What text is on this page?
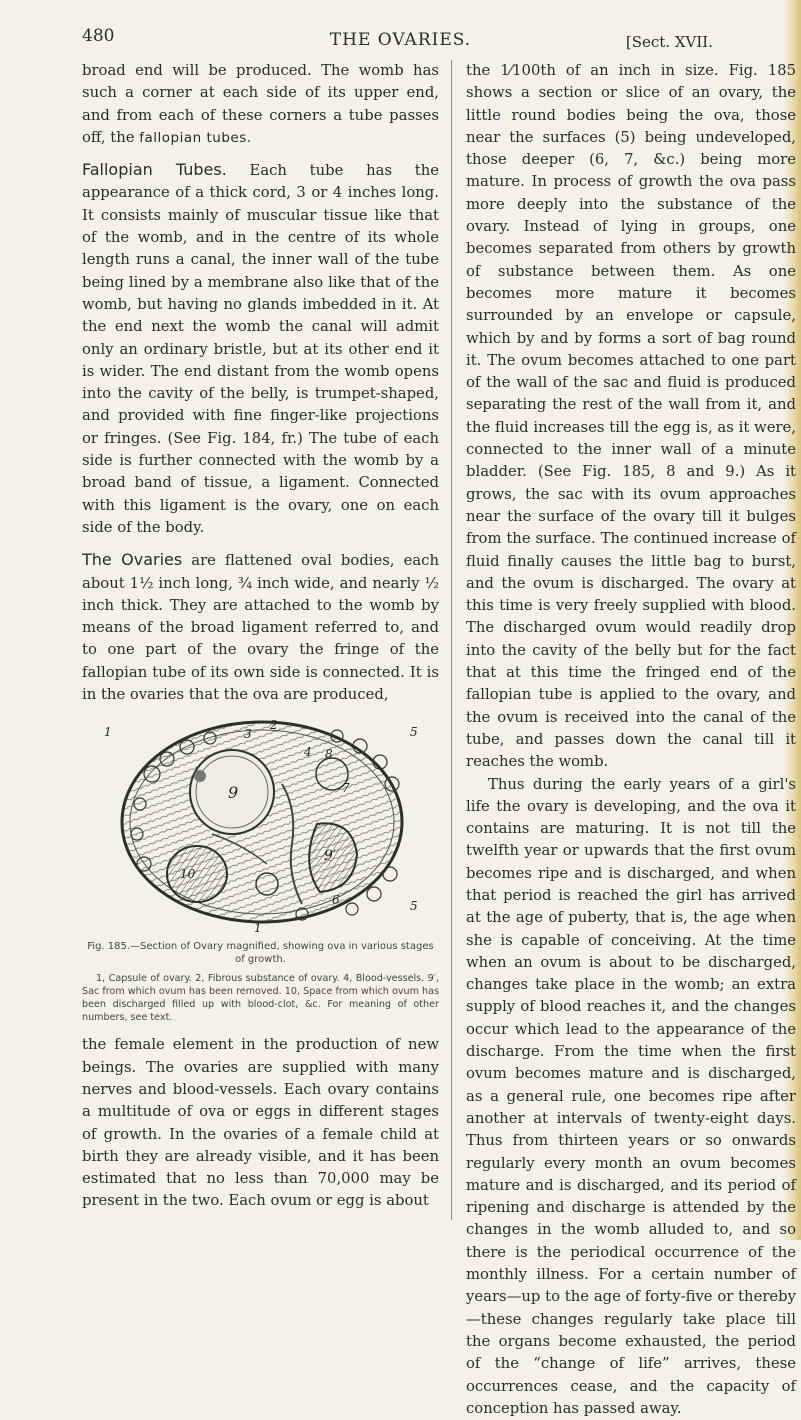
480	THE OVARIES.	[Sect. XVII.

broad end will be produced. The womb has such a corner at each side of its upper end, and from each of these corners a tube passes off, the fallopian tubes.

Fallopian Tubes. Each tube has the appearance of a thick cord, 3 or 4 inches long. It consists mainly of muscular tissue like that of the womb, and in the centre of its whole length runs a canal, the inner wall of the tube being lined by a membrane also like that of the womb, but having no glands imbedded in it. At the end next the womb the canal will admit only an ordinary bristle, but at its other end it is wider. The end distant from the womb opens into the cavity of the belly, is trumpet-shaped, and provided with fine finger-like projections or fringes. (See Fig. 184, fr.) The tube of each side is further connected with the womb by a broad band of tissue, a ligament. Connected with this ligament is the ovary, one on each side of the body.

The Ovaries are flattened oval bodies, each about 1½ inch long, ¾ inch wide, and nearly ½ inch thick. They are attached to the womb by means of the broad ligament referred to, and to one part of the ovary the fringe of the fallopian tube of its own side is connected. It is in the ovaries that the ova are produced,

1	3
2
4
5
9
8
7
9′
10
6	5
1
Fig. 185.—Section of Ovary magnified, showing ova in various stages of growth.
1, Capsule of ovary. 2, Fibrous substance of ovary. 4, Blood-vessels. 9′, Sac from which ovum has been removed. 10, Space from which ovum has been discharged filled up with blood-clot, &c. For meaning of other numbers, see text.

the female element in the production of new beings. The ovaries are supplied with many nerves and blood-vessels. Each ovary contains a multitude of ova or eggs in different stages of growth. In the ovaries of a female child at birth they are already visible, and it has been estimated that no less than 70,000 may be present in the two. Each ovum or egg is about

the 1⁄100th of an inch in size. Fig. 185 shows a section or slice of an ovary, the little round bodies being the ova, those near the surfaces (5) being undeveloped, those deeper (6, 7, &c.) being more mature. In process of growth the ova pass more deeply into the substance of the ovary. Instead of lying in groups, one becomes separated from others by growth of substance between them. As one becomes more mature it becomes surrounded by an envelope or capsule, which by and by forms a sort of bag round it. The ovum becomes attached to one part of the wall of the sac and fluid is produced separating the rest of the wall from it, and the fluid increases till the egg is, as it were, connected to the inner wall of a minute bladder. (See Fig. 185, 8 and 9.) As it grows, the sac with its ovum approaches near the surface of the ovary till it bulges from the surface. The continued increase of fluid finally causes the little bag to burst, and the ovum is discharged. The ovary at this time is very freely supplied with blood. The discharged ovum would readily drop into the cavity of the belly but for the fact that at this time the fringed end of the fallopian tube is applied to the ovary, and the ovum is received into the canal of the tube, and passes down the canal till it reaches the womb.

Thus during the early years of a girl's life the ovary is developing, and the ova it contains are maturing. It is not till the twelfth year or upwards that the first ovum becomes ripe and is discharged, and when that period is reached the girl has arrived at the age of puberty, that is, the age when she is capable of conceiving. At the time when an ovum is about to be discharged, changes take place in the womb; an extra supply of blood reaches it, and the changes occur which lead to the appearance of the discharge. From the time when the first ovum becomes mature and is discharged, as a general rule, one becomes ripe after another at intervals of twenty-eight days. Thus from thirteen years or so onwards regularly every month an ovum becomes mature and is discharged, and its period of ripening and discharge is attended by the changes in the womb alluded to, and so there is the periodical occurrence of the monthly illness. For a certain number of years—up to the age of forty-five or thereby—these changes regularly take place till the organs become exhausted, the period of the “change of life” arrives, these occurrences cease, and the capacity of conception has passed away.
